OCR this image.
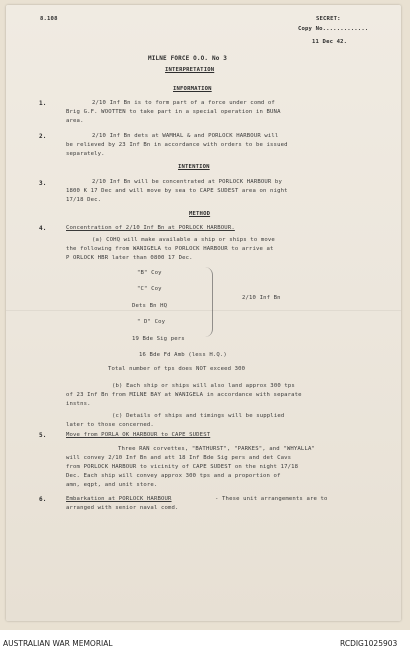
8.108	SECRET:
Copy No.............
11 Dec 42.
MILNE FORCE O.O. No 3
INTERPRETATION
INFORMATION
1.	2/10 Inf Bn is to form part of a force under comd of
Brig G.F. WOOTTEN to take part in a special operation in BUNA
area.
2.	2/10 Inf Bn dets at WAMHAL & and PORLOCK HARBOUR will
be relieved by 23 Inf Bn in accordance with orders to be issued
separately.
INTENTION
3.	2/10 Inf Bn will be concentrated at PORLOCK HARBOUR by
1800 K 17 Dec and will move by sea to CAPE SUDEST area on night
17/18 Dec.
METHOD
4.	Concentration of 2/10 Inf Bn at PORLOCK HARBOUR.
(a) COHQ will make available a ship or ships to move
the following from WANIGELA to PORLOCK HARBOUR to arrive at
P ORLOCK HBR later than 0800 17 Dec.
"B" Coy
"C" Coy
Dets Bn HQ
" D" Coy
2/10 Inf Bn
19 Bde Sig pers
16 Bde Fd Amb (less H.Q.)
Total number of tps does NOT exceed 300
(b) Each ship or ships will also land approx 300 tps
of 23 Inf Bn from MILNE BAY at WANIGELA in accordance with separate
instns.
(c) Details of ships and timings will be supplied
later to those concerned.
5.	Move from PORLA OK HARBOUR to CAPE SUDEST
Three RAN corvettes, "BATHURST", "PARKES", and "WHYALLA"
will convey 2/10 Inf Bn and att 18 Inf Bde Sig pers and det Cavs
from PORLOCK HARBOUR to vicinity of CAPE SUDEST on the night 17/18
Dec. Each ship will convey approx 300 tps and a proportion of
amn, eqpt, and unit store.
6.	Embarkation at PORLOCK HARBOUR	- These unit arrangements are to
arranged with senior naval comd.
AUSTRALIAN WAR MEMORIAL	RCDIG1025903
